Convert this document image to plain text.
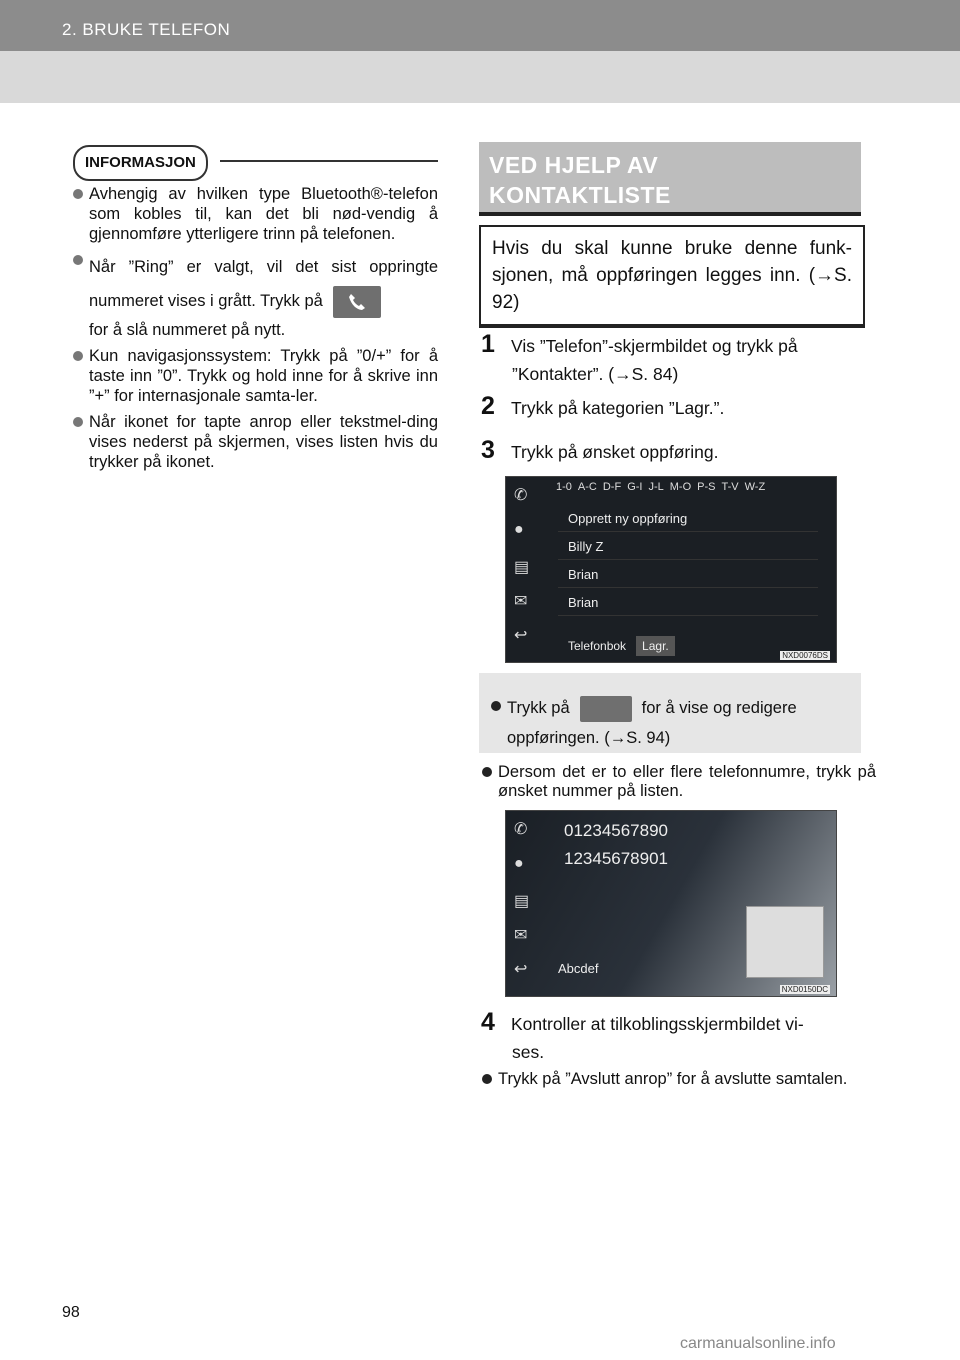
2. BRUKE TELEFON
INFORMASJON
Avhengig av hvilken type Bluetooth®-telefon som kobles til, kan det bli nød-vendig å gjennomføre ytterligere trinn på telefonen.
Når ”Ring” er valgt, vil det sist oppringte nummeret vises i grått. Trykk på
for å slå nummeret på nytt.
Kun navigasjonssystem: Trykk på ”0/+” for å taste inn ”0”. Trykk og hold inne for å skrive inn ”+” for internasjonale samta-ler.
Når ikonet for tapte anrop eller tekstmel-ding vises nederst på skjermen, vises listen hvis du trykker på ikonet.
VED HJELP AV
KONTAKTLISTE
Hvis du skal kunne bruke denne funk-sjonen, må oppføringen legges inn. (→S. 92)
1 Vis ”Telefon”-skjermbildet og trykk på
”Kontakter”. (→S. 84)
2 Trykk på kategorien ”Lagr.”.
3 Trykk på ønsket oppføring.
✆
●
▤
✉
↩
1-0 A-C D-F G-I J-L M-O P-S T-V W-Z
Opprett ny oppføring
Billy Z
Brian
Brian
Telefonbok Lagr.
NXD0076DS
Trykk på	for å vise og redigere oppføringen. (→S. 94)
Dersom det er to eller flere telefonnumre, trykk på ønsket nummer på listen.
✆
●
▤
✉
↩
01234567890
12345678901
Abcdef
NXD0150DC
4 Kontroller at tilkoblingsskjermbildet vi-
ses.
Trykk på ”Avslutt anrop” for å avslutte samtalen.
98
carmanualsonline.info
